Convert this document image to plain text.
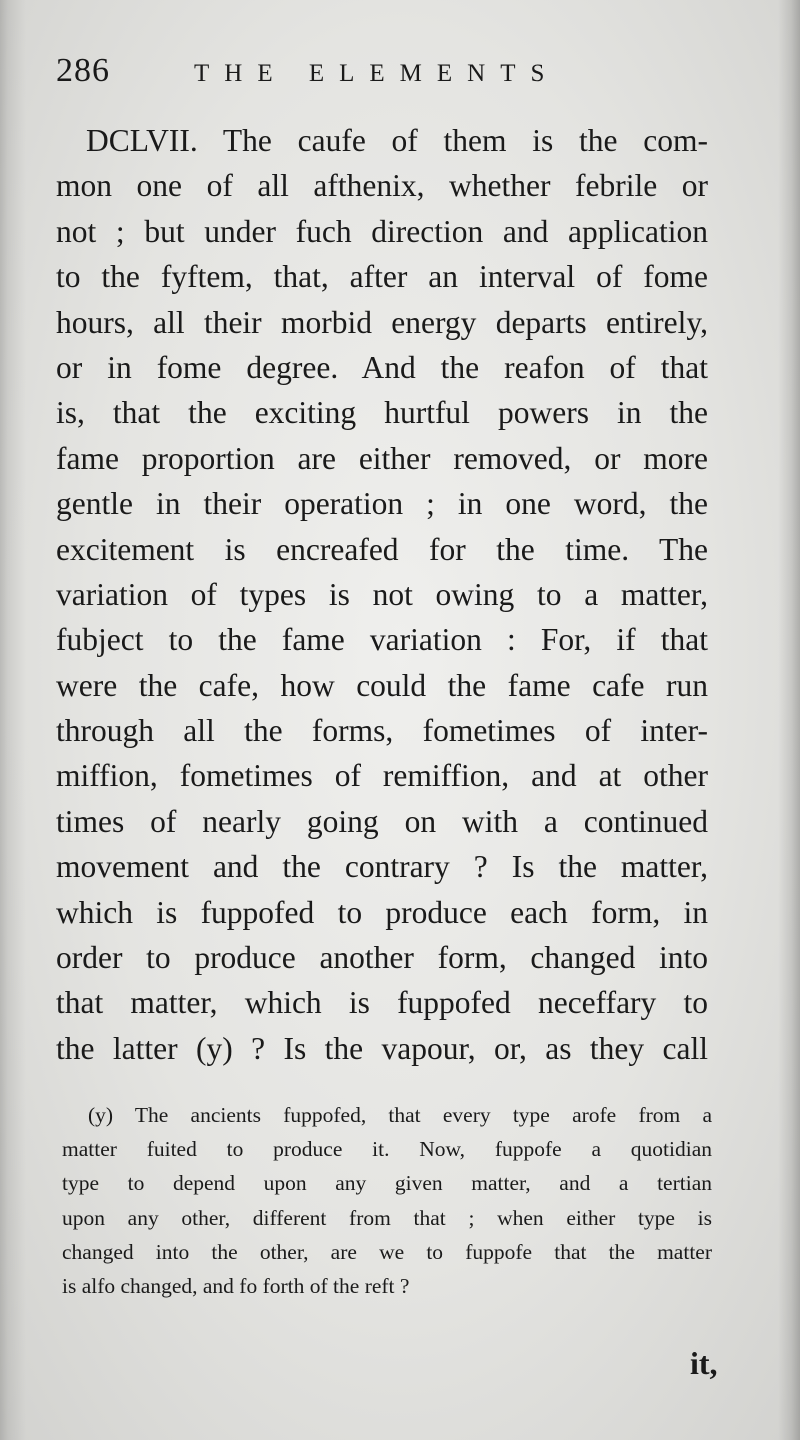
286	THE ELEMENTS
DCLVII. The caufe of them is the com-
mon one of all afthenix, whether febrile or
not ; but under fuch direction and application
to the fyftem, that, after an interval of fome
hours, all their morbid energy departs entirely,
or in fome degree. And the reafon of that
is, that the exciting hurtful powers in the
fame proportion are either removed, or more
gentle in their operation ; in one word, the
excitement is encreafed for the time. The
variation of types is not owing to a matter,
fubject to the fame variation : For, if that
were the cafe, how could the fame cafe run
through all the forms, fometimes of inter-
miffion, fometimes of remiffion, and at other
times of nearly going on with a continued
movement and the contrary ? Is the matter,
which is fuppofed to produce each form, in
order to produce another form, changed into
that matter, which is fuppofed neceffary to
the latter (y) ? Is the vapour, or, as they call
(y) The ancients fuppofed, that every type arofe from a
matter fuited to produce it. Now, fuppofe a quotidian
type to depend upon any given matter, and a tertian
upon any other, different from that ; when either type is
changed into the other, are we to fuppofe that the matter
is alfo changed, and fo forth of the reft ?
it,
